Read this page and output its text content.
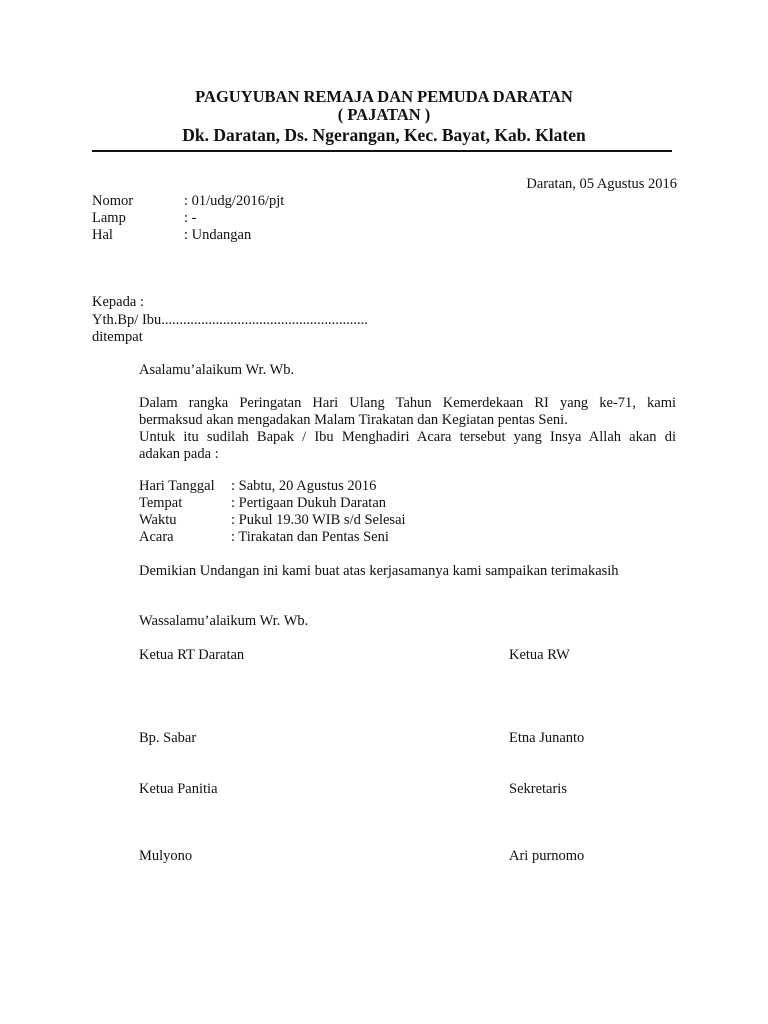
PAGUYUBAN REMAJA DAN PEMUDA DARATAN
( PAJATAN )
Dk. Daratan, Ds. Ngerangan, Kec. Bayat, Kab. Klaten
Daratan, 05 Agustus 2016
Nomor	: 01/udg/2016/pjt
Lamp	: -
Hal	: Undangan
Kepada :
Yth.Bp/ Ibu.........................................................
ditempat
Asalamu’alaikum Wr. Wb.

Dalam rangka Peringatan Hari Ulang Tahun Kemerdekaan RI yang ke-71, kami

bermaksud akan mengadakan Malam Tirakatan dan Kegiatan pentas Seni.

Untuk itu sudilah Bapak / Ibu Menghadiri Acara tersebut yang Insya Allah akan di

adakan pada :

Hari Tanggal : Sabtu, 20 Agustus 2016
Tempat	: Pertigaan Dukuh Daratan
Waktu	: Pukul 19.30 WIB s/d Selesai
Acara	: Tirakatan dan Pentas Seni
Demikian Undangan ini kami buat atas kerjasamanya kami sampaikan terimakasih
Wassalamu’alaikum Wr. Wb.
Ketua RT Daratan	Ketua RW
Bp. Sabar	Etna Junanto
Ketua Panitia	Sekretaris
Mulyono	Ari purnomo
